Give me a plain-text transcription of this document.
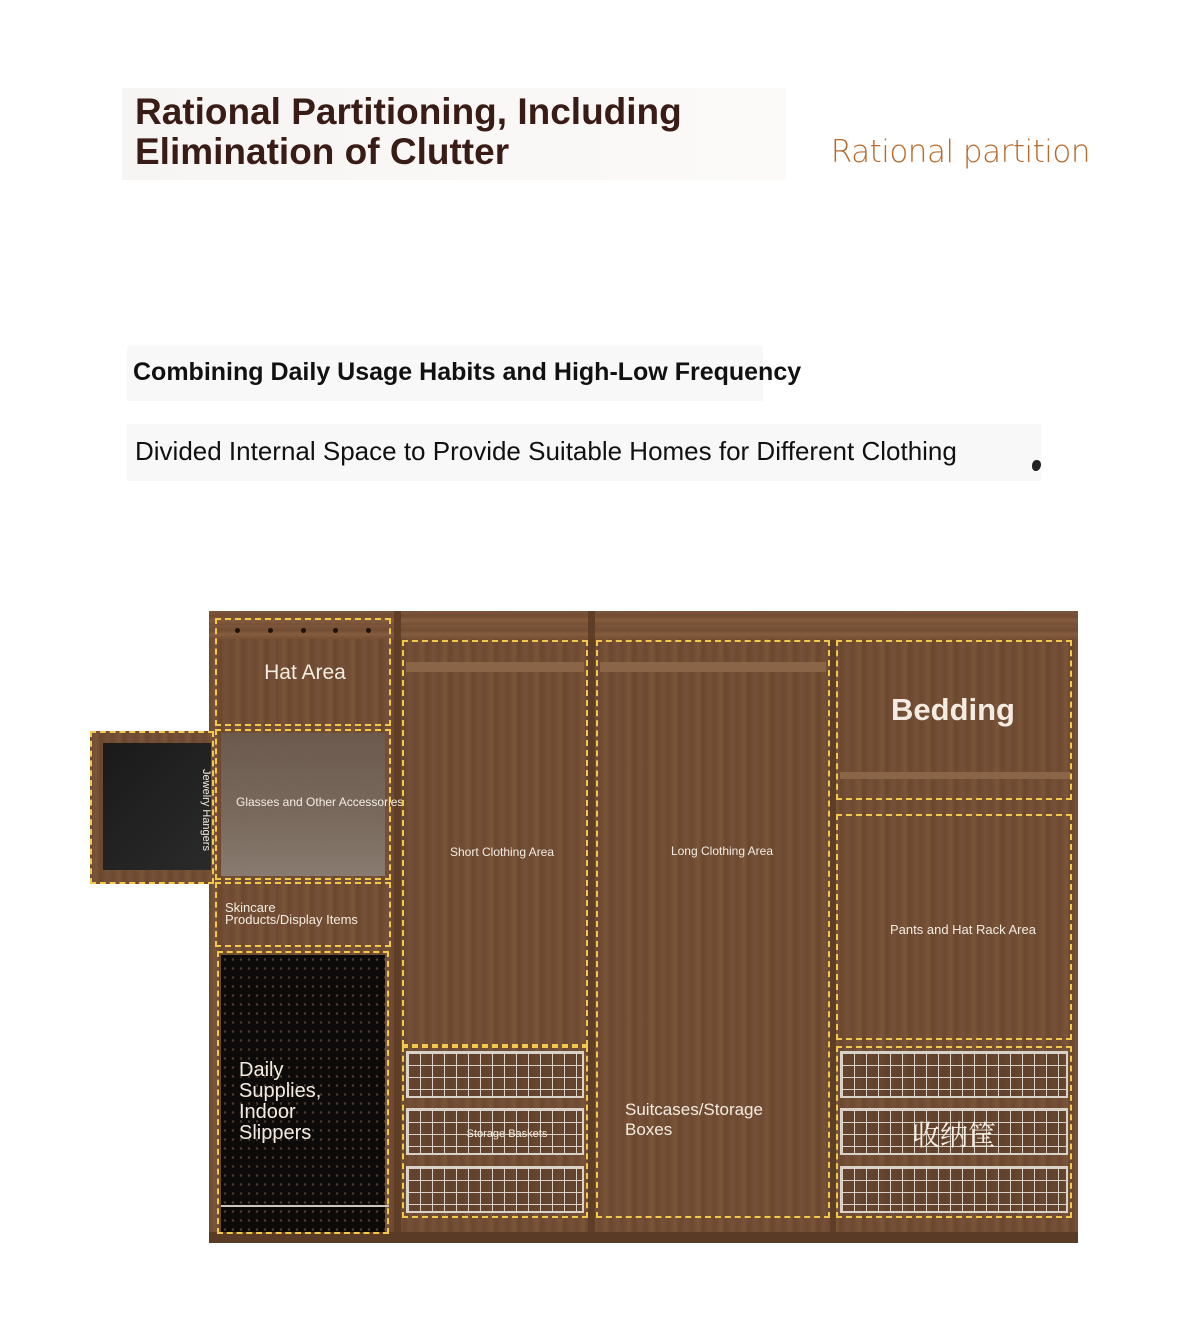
Rational Partitioning, Including
Elimination of Clutter	Rational partition
Combining Daily Usage Habits and High-Low Frequency
Divided Internal Space to Provide Suitable Homes for Different Clothing
Jewelry Hangers
Hat Area
Glasses and Other Accessories
Skincare
Products/Display Items
Daily
Supplies,
Indoor
Slippers
Short Clothing Area
Storage Baskets
Long Clothing Area
Suitcases/Storage
Boxes
Bedding
Pants and Hat Rack Area
收纳筐
